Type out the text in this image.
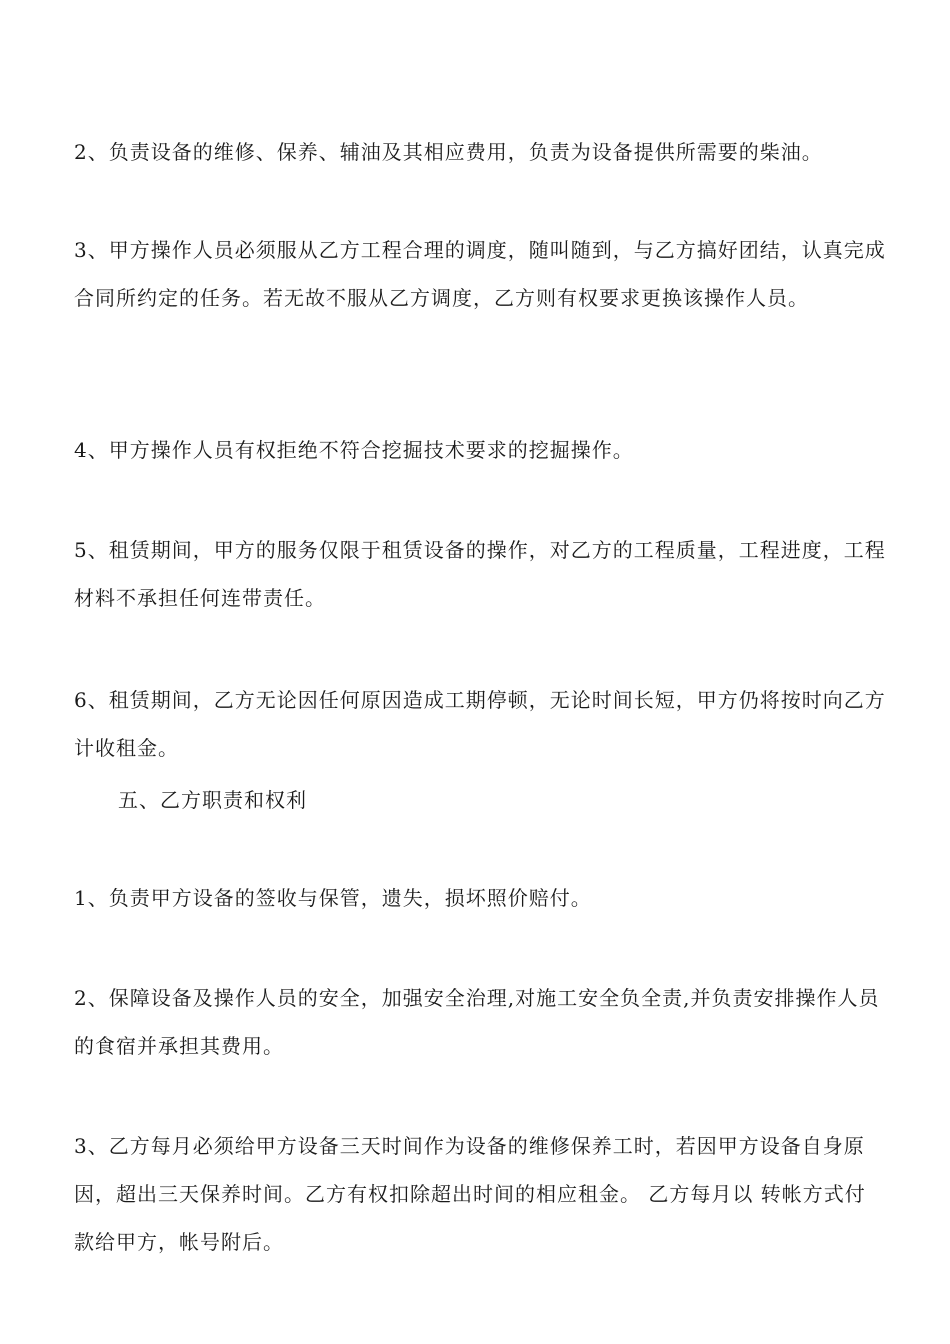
2、负责设备的维修、保养、辅油及其相应费用，负责为设备提供所需要的柴油。

3、甲方操作人员必须服从乙方工程合理的调度，随叫随到，与乙方搞好团结，认真完成合同所约定的任务。若无故不服从乙方调度，乙方则有权要求更换该操作人员。

4、甲方操作人员有权拒绝不符合挖掘技术要求的挖掘操作。

5、租赁期间，甲方的服务仅限于租赁设备的操作，对乙方的工程质量，工程进度，工程材料不承担任何连带责任。

6、租赁期间，乙方无论因任何原因造成工期停顿，无论时间长短，甲方仍将按时向乙方计收租金。

五、乙方职责和权利

1、负责甲方设备的签收与保管，遗失，损坏照价赔付。

2、保障设备及操作人员的安全，加强安全治理,对施工安全负全责,并负责安排操作人员的食宿并承担其费用。

3、乙方每月必须给甲方设备三天时间作为设备的维修保养工时，若因甲方设备自身原因，超出三天保养时间。乙方有权扣除超出时间的相应租金。 乙方每月以 转帐方式付款给甲方，帐号附后。
